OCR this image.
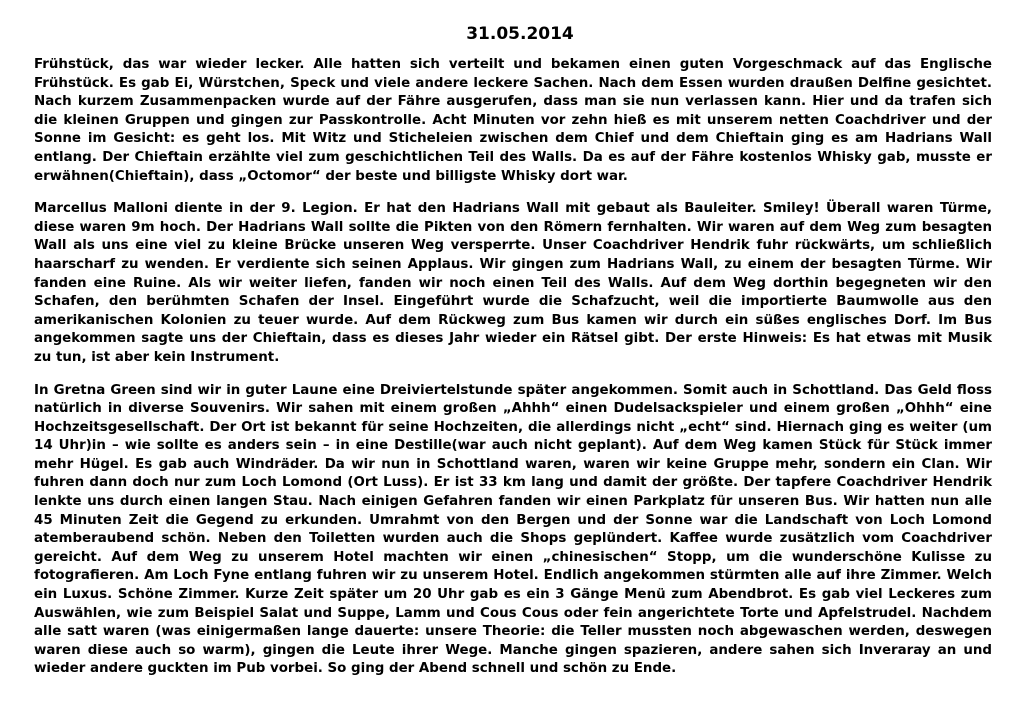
31.05.2014

Frühstück, das war wieder lecker. Alle hatten sich verteilt und bekamen einen guten Vorgeschmack auf das Englische Frühstück. Es gab Ei, Würstchen, Speck und viele andere leckere Sachen. Nach dem Essen wurden draußen Delfine gesichtet. Nach kurzem Zusammenpacken wurde auf der Fähre ausgerufen, dass man sie nun verlassen kann. Hier und da trafen sich die kleinen Gruppen und gingen zur Passkontrolle. Acht Minuten vor zehn hieß es mit unserem netten Coachdriver und der Sonne im Gesicht: es geht los. Mit Witz und Sticheleien zwischen dem Chief und dem Chieftain ging es am Hadrians Wall entlang. Der Chieftain erzählte viel zum geschichtlichen Teil des Walls. Da es auf der Fähre kostenlos Whisky gab, musste er erwähnen(Chieftain), dass „Octomor“ der beste und billigste Whisky dort war.

Marcellus Malloni diente in der 9. Legion. Er hat den Hadrians Wall mit gebaut als Bauleiter. Smiley! Überall waren Türme, diese waren 9m hoch. Der Hadrians Wall sollte die Pikten von den Römern fernhalten. Wir waren auf dem Weg zum besagten Wall als uns eine viel zu kleine Brücke unseren Weg versperrte. Unser Coachdriver Hendrik fuhr rückwärts, um schließlich haarscharf zu wenden. Er verdiente sich seinen Applaus. Wir gingen zum Hadrians Wall, zu einem der besagten Türme. Wir fanden eine Ruine. Als wir weiter liefen, fanden wir noch einen Teil des Walls. Auf dem Weg dorthin begegneten wir den Schafen, den berühmten Schafen der Insel. Eingeführt wurde die Schafzucht, weil die importierte Baumwolle aus den amerikanischen Kolonien zu teuer wurde. Auf dem Rückweg zum Bus kamen wir durch ein süßes englisches Dorf. Im Bus angekommen sagte uns der Chieftain, dass es dieses Jahr wieder ein Rätsel gibt. Der erste Hinweis: Es hat etwas mit Musik zu tun, ist aber kein Instrument.

In Gretna Green sind wir in guter Laune eine Dreiviertelstunde später angekommen. Somit auch in Schottland. Das Geld floss natürlich in diverse Souvenirs. Wir sahen mit einem großen „Ahhh“ einen Dudelsackspieler und einem großen „Ohhh“ eine Hochzeitsgesellschaft. Der Ort ist bekannt für seine Hochzeiten, die allerdings nicht „echt“ sind. Hiernach ging es weiter (um 14 Uhr)in – wie sollte es anders sein – in eine Destille(war auch nicht geplant). Auf dem Weg kamen Stück für Stück immer mehr Hügel. Es gab auch Windräder. Da wir nun in Schottland waren, waren wir keine Gruppe mehr, sondern ein Clan. Wir fuhren dann doch nur zum Loch Lomond (Ort Luss). Er ist 33 km lang und damit der größte. Der tapfere Coachdriver Hendrik lenkte uns durch einen langen Stau. Nach einigen Gefahren fanden wir einen Parkplatz für unseren Bus. Wir hatten nun alle 45 Minuten Zeit die Gegend zu erkunden. Umrahmt von den Bergen und der Sonne war die Landschaft von Loch Lomond atemberaubend schön. Neben den Toiletten wurden auch die Shops geplündert. Kaffee wurde zusätzlich vom Coachdriver gereicht. Auf dem Weg zu unserem Hotel machten wir einen „chinesischen“ Stopp, um die wunderschöne Kulisse zu fotografieren. Am Loch Fyne entlang fuhren wir zu unserem Hotel. Endlich angekommen stürmten alle auf ihre Zimmer. Welch ein Luxus. Schöne Zimmer. Kurze Zeit später um 20 Uhr gab es ein 3 Gänge Menü zum Abendbrot. Es gab viel Leckeres zum Auswählen, wie zum Beispiel Salat und Suppe, Lamm und Cous Cous oder fein angerichtete Torte und Apfelstrudel. Nachdem alle satt waren (was einigermaßen lange dauerte: unsere Theorie: die Teller mussten noch abgewaschen werden, deswegen waren diese auch so warm), gingen die Leute ihrer Wege. Manche gingen spazieren, andere sahen sich Inveraray an und wieder andere guckten im Pub vorbei. So ging der Abend schnell und schön zu Ende.
